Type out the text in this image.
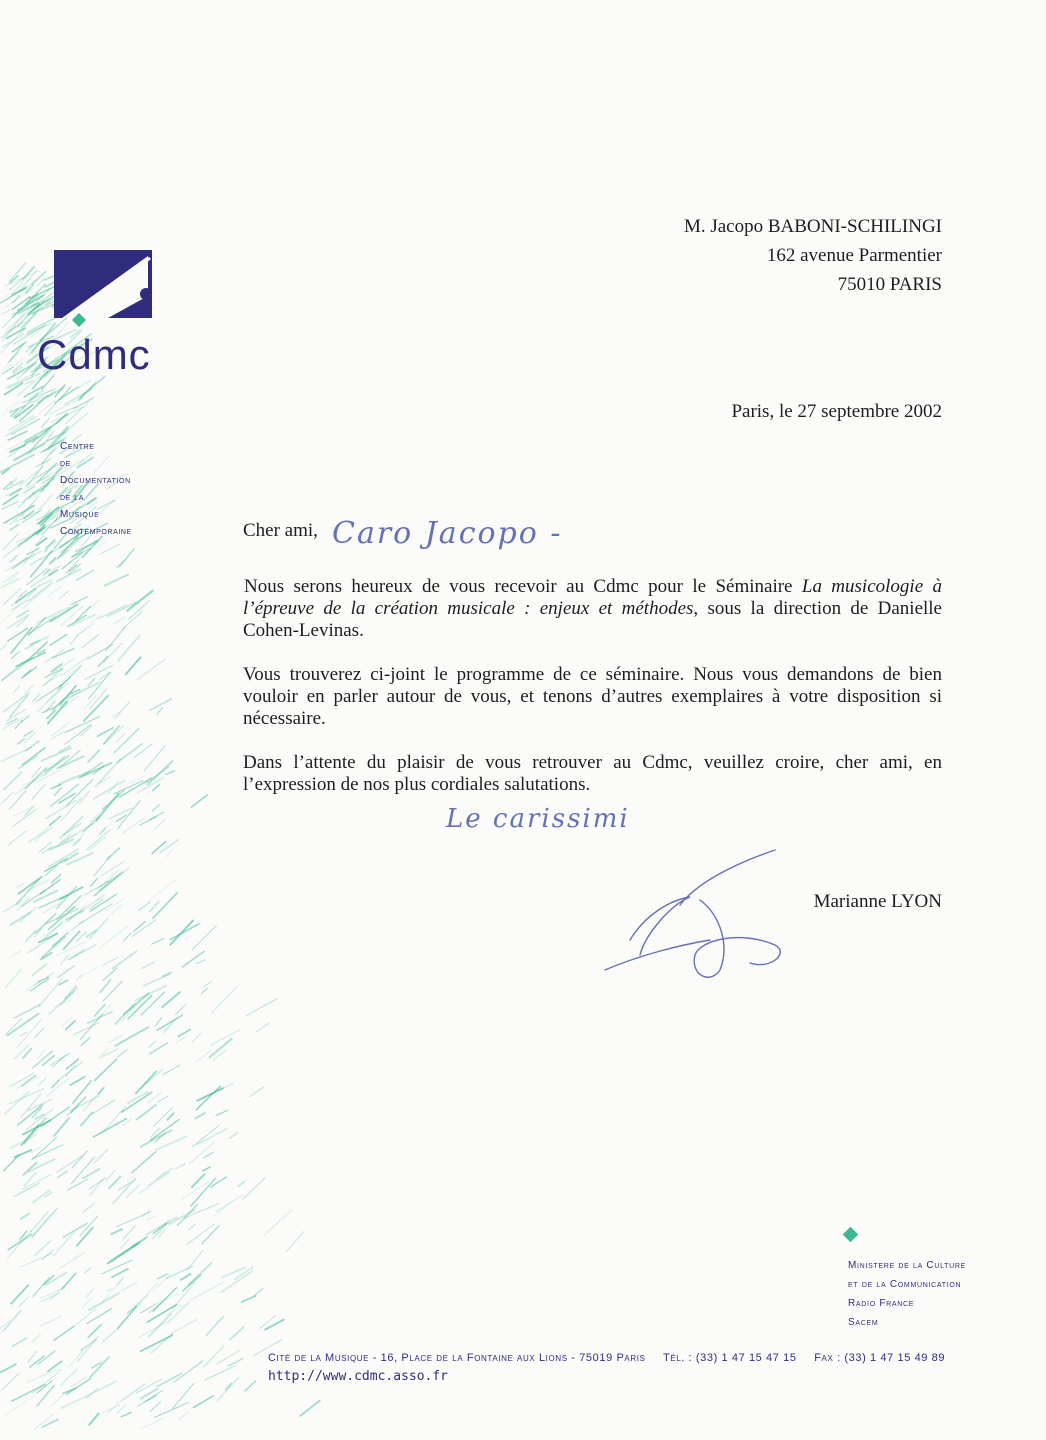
Cdmc
Centre
de
Documentation
de la
Musique
Contemporaine
M. Jacopo BABONI-SCHILINGI
162 avenue Parmentier
75010 PARIS
Paris, le 27 septembre 2002
Cher ami, Caro Jacopo -

Nous serons heureux de vous recevoir au Cdmc pour le Séminaire La musicologie à l’épreuve de la création musicale : enjeux et méthodes, sous la direction de Danielle Cohen-Levinas.

Vous trouverez ci-joint le programme de ce séminaire. Nous vous demandons de bien vouloir en parler autour de vous, et tenons d’autres exemplaires à votre disposition si nécessaire.

Dans l’attente du plaisir de vous retrouver au Cdmc, veuillez croire, cher ami, en l’expression de nos plus cordiales salutations.

Le carissimi
Marianne LYON
Ministere de la Culture
et de la Communication
Radio France
Sacem
Cité de la Musique - 16, Place de la Fontaine aux Lions - 75019 Paris Tél. : (33) 1 47 15 47 15 Fax : (33) 1 47 15 49 89
http://www.cdmc.asso.fr
